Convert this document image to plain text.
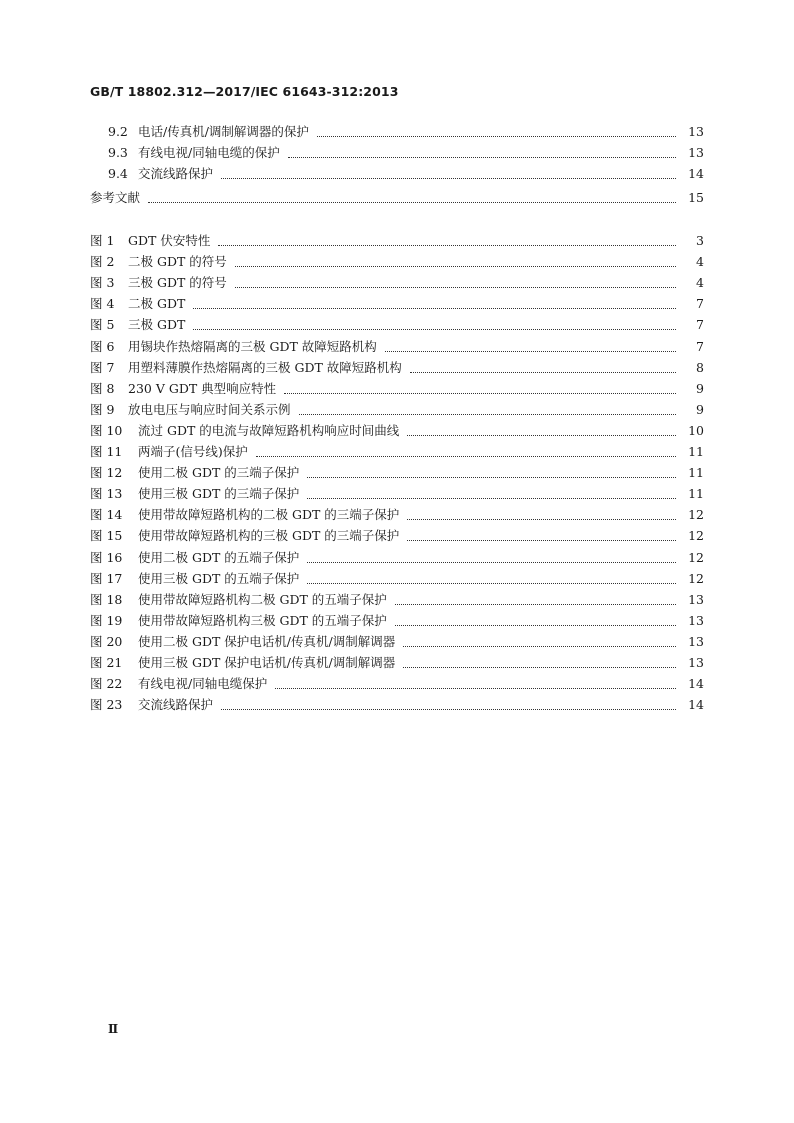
GB/T 18802.312—2017/IEC 61643-312:2013
9.2 电话/传真机/调制解调器的保护	13
9.3 有线电视/同轴电缆的保护	13
9.4 交流线路保护	14
参考文献	15
图 1 GDT 伏安特性	3
图 2 二极 GDT 的符号	4
图 3 三极 GDT 的符号	4
图 4 二极 GDT	7
图 5 三极 GDT	7
图 6 用锡块作热熔隔离的三极 GDT 故障短路机构	7
图 7 用塑料薄膜作热熔隔离的三极 GDT 故障短路机构	8
图 8 230 V GDT 典型响应特性	9
图 9 放电电压与响应时间关系示例	9
图 10 流过 GDT 的电流与故障短路机构响应时间曲线	10
图 11 两端子(信号线)保护	11
图 12 使用二极 GDT 的三端子保护	11
图 13 使用三极 GDT 的三端子保护	11
图 14 使用带故障短路机构的二极 GDT 的三端子保护	12
图 15 使用带故障短路机构的三极 GDT 的三端子保护	12
图 16 使用二极 GDT 的五端子保护	12
图 17 使用三极 GDT 的五端子保护	12
图 18 使用带故障短路机构二极 GDT 的五端子保护	13
图 19 使用带故障短路机构三极 GDT 的五端子保护	13
图 20 使用二极 GDT 保护电话机/传真机/调制解调器	13
图 21 使用三极 GDT 保护电话机/传真机/调制解调器	13
图 22 有线电视/同轴电缆保护	14
图 23 交流线路保护	14
Ⅱ
